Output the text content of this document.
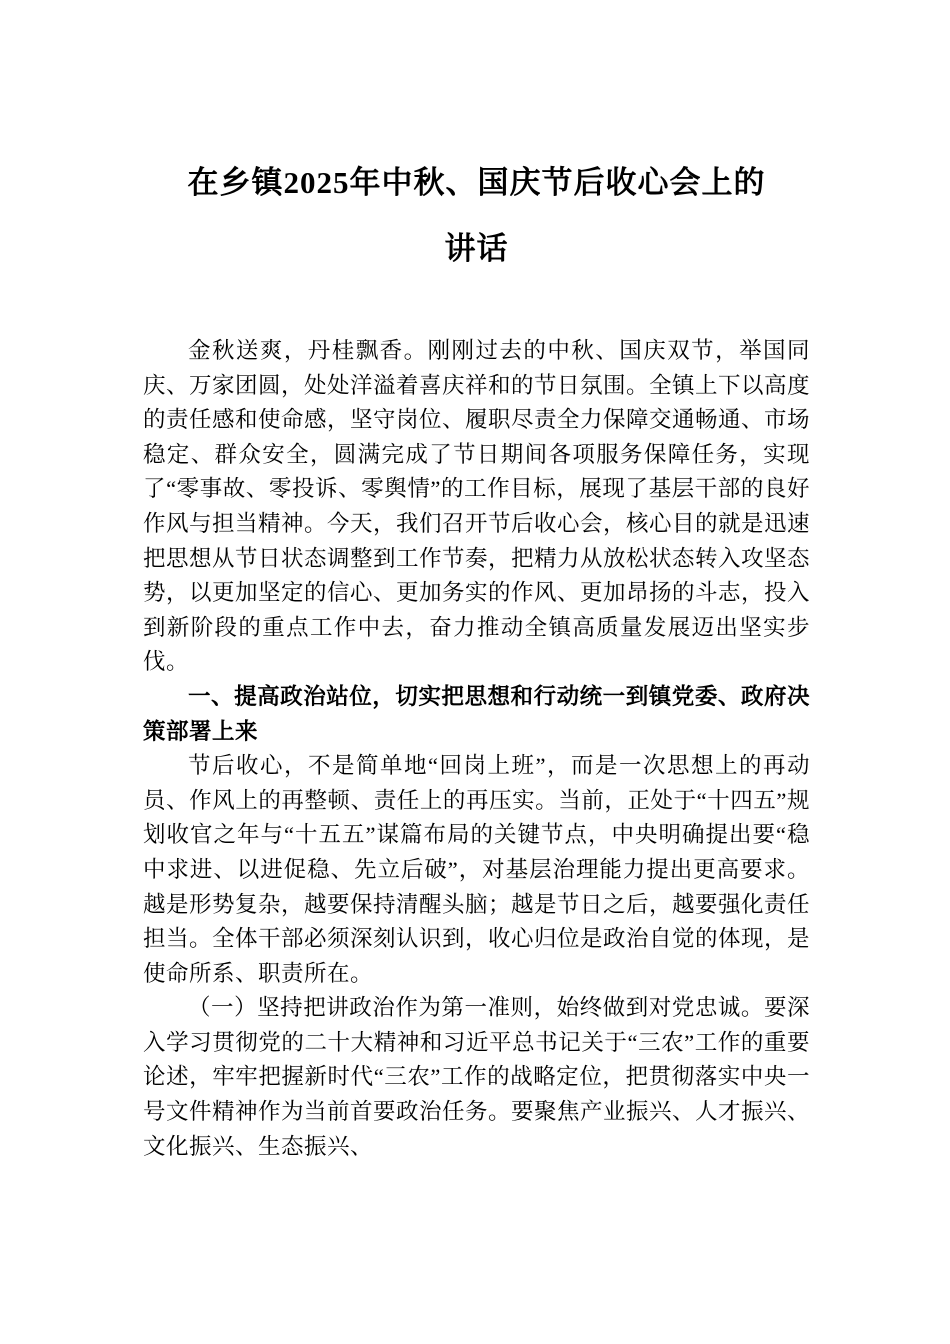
在乡镇2025年中秋、国庆节后收心会上的
讲话

金秋送爽，丹桂飘香。刚刚过去的中秋、国庆双节，举国同庆、万家团圆，处处洋溢着喜庆祥和的节日氛围。全镇上下以高度的责任感和使命感，坚守岗位、履职尽责全力保障交通畅通、市场稳定、群众安全，圆满完成了节日期间各项服务保障任务，实现了“零事故、零投诉、零舆情”的工作目标，展现了基层干部的良好作风与担当精神。今天，我们召开节后收心会，核心目的就是迅速把思想从节日状态调整到工作节奏，把精力从放松状态转入攻坚态势，以更加坚定的信心、更加务实的作风、更加昂扬的斗志，投入到新阶段的重点工作中去，奋力推动全镇高质量发展迈出坚实步伐。

一、提高政治站位，切实把思想和行动统一到镇党委、政府决策部署上来

节后收心，不是简单地“回岗上班”，而是一次思想上的再动员、作风上的再整顿、责任上的再压实。当前，正处于“十四五”规划收官之年与“十五五”谋篇布局的关键节点，中央明确提出要“稳中求进、以进促稳、先立后破”，对基层治理能力提出更高要求。越是形势复杂，越要保持清醒头脑；越是节日之后，越要强化责任担当。全体干部必须深刻认识到，收心归位是政治自觉的体现，是使命所系、职责所在。

（一）坚持把讲政治作为第一准则，始终做到对党忠诚。要深入学习贯彻党的二十大精神和习近平总书记关于“三农”工作的重要论述，牢牢把握新时代“三农”工作的战略定位，把贯彻落实中央一号文件精神作为当前首要政治任务。要聚焦产业振兴、人才振兴、文化振兴、生态振兴、
